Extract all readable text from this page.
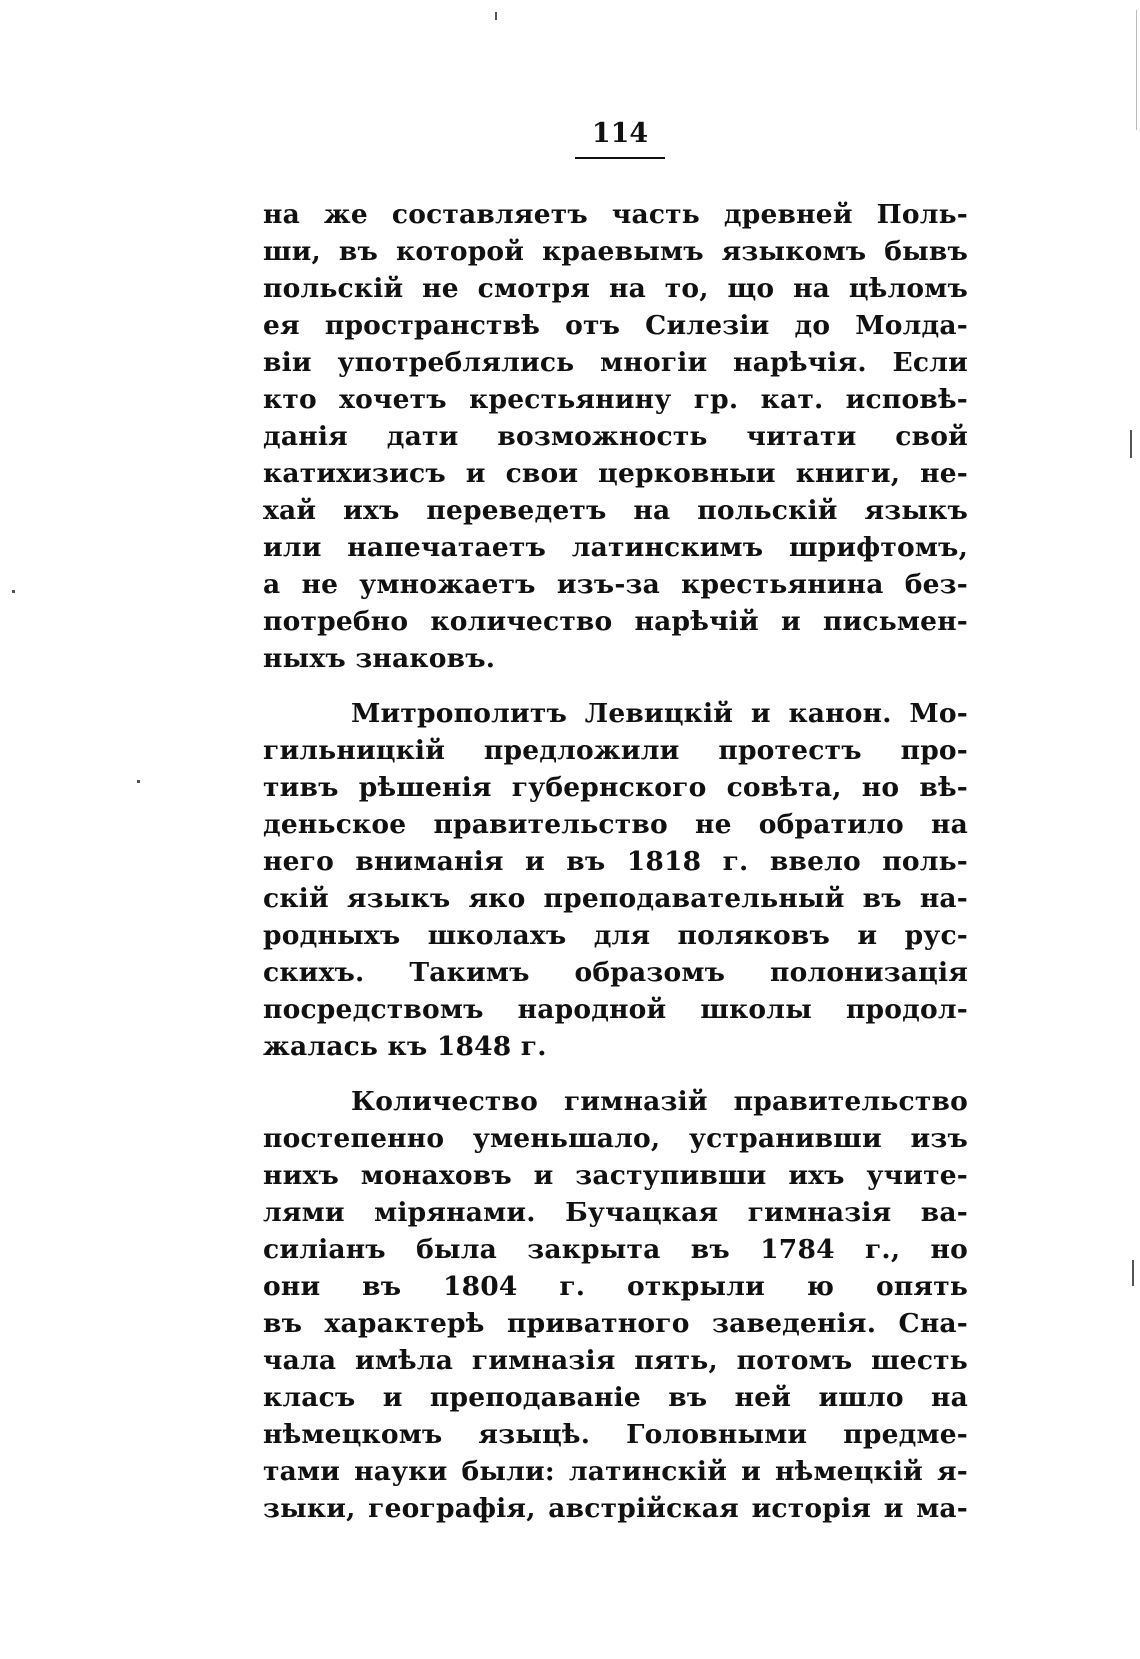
114
на же составляетъ часть древней Поль-
ши, въ которой краевымъ языкомъ бывъ
польскій не смотря на то, що на цѣломъ
ея пространствѣ отъ Силезіи до Молда-
віи употреблялись многіи нарѣчія. Если
кто хочетъ крестьянину гр. кат. исповѣ-
данія дати возможность читати свой
катихизисъ и свои церковныи книги, не-
хай ихъ переведетъ на польскій языкъ
или напечатаетъ латинскимъ шрифтомъ,
а не умножаетъ изъ-за крестьянина без-
потребно количество нарѣчій и письмен-
ныхъ знаковъ.
Митрополитъ Левицкій и канон. Мо-
гильницкій предложили протестъ про-
тивъ рѣшенія губернского совѣта, но вѣ-
деньское правительство не обратило на
него вниманія и въ 1818 г. ввело поль-
скій языкъ яко преподавательный въ на-
родныхъ школахъ для поляковъ и рус-
скихъ. Такимъ образомъ полонизація
посредствомъ народной школы продол-
жалась къ 1848 г.
Количество гимназій правительство
постепенно уменьшало, устранивши изъ
нихъ монаховъ и заступивши ихъ учите-
лями мірянами. Бучацкая гимназія ва-
силіанъ была закрыта въ 1784 г., но
они въ 1804 г. открыли ю опять
въ характерѣ приватного заведенія. Сна-
чала имѣла гимназія пять, потомъ шесть
класъ и преподаваніе въ ней ишло на
нѣмецкомъ языцѣ. Головными предме-
тами науки были: латинскій и нѣмецкій я-
зыки, географія, австрійская исторія и ма-
